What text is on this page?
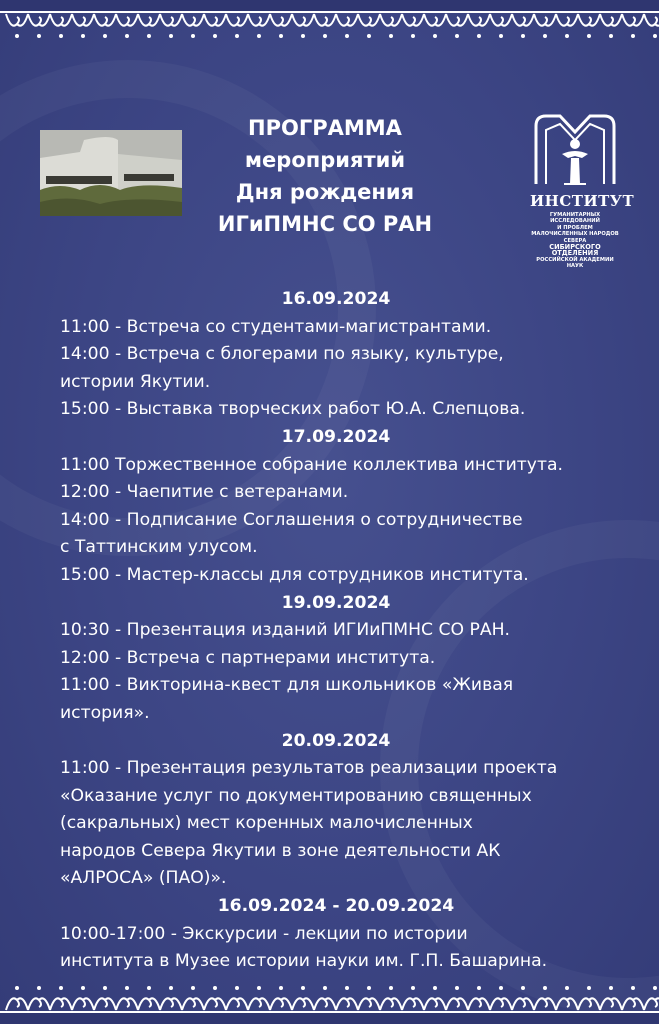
ПРОГРАММА
мероприятий
Дня рождения
ИГиПМНС СО РАН
ИНСТИТУТ
ГУМАНИТАРНЫХ ИССЛЕДОВАНИЙ
И ПРОБЛЕМ МАЛОЧИСЛЕННЫХ НАРОДОВ СЕВЕРА
СИБИРСКОГО ОТДЕЛЕНИЯ
РОССИЙСКОЙ АКАДЕМИИ НАУК
16.09.2024
11:00 - Встреча со студентами-магистрантами.
14:00 - Встреча с блогерами по языку, культуре,
истории Якутии.
15:00 - Выставка творческих работ Ю.А. Слепцова.
17.09.2024
11:00 Торжественное собрание коллектива института.
12:00 - Чаепитие с ветеранами.
14:00 - Подписание Соглашения о сотрудничестве
с Таттинским улусом.
15:00 - Мастер-классы для сотрудников института.
19.09.2024
10:30 - Презентация изданий ИГИиПМНС СО РАН.
12:00 - Встреча с партнерами института.
11:00 - Викторина-квест для школьников «Живая
история».
20.09.2024
11:00 - Презентация результатов реализации проекта
«Оказание услуг по документированию священных
(сакральных) мест коренных малочисленных
народов Севера Якутии в зоне деятельности АК
«АЛРОСА» (ПАО)».
16.09.2024 - 20.09.2024
10:00-17:00 - Экскурсии - лекции по истории
института в Музее истории науки им. Г.П. Башарина.
